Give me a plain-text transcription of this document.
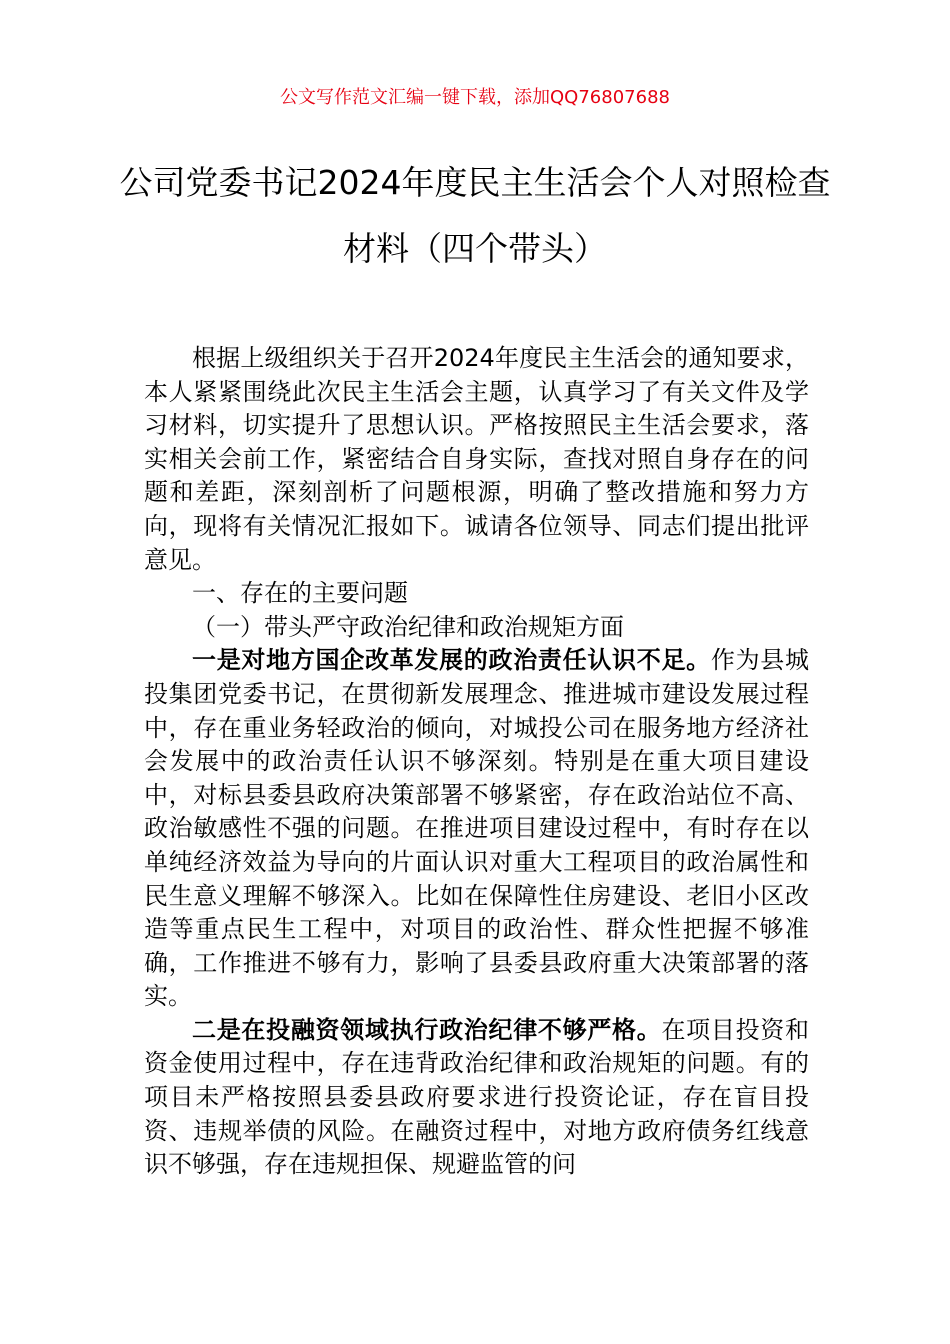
公文写作范文汇编一键下载，添加QQ76807688
公司党委书记2024年度民主生活会个人对照检查材料（四个带头）

根据上级组织关于召开2024年度民主生活会的通知要求，本人紧紧围绕此次民主生活会主题，认真学习了有关文件及学习材料，切实提升了思想认识。严格按照民主生活会要求，落实相关会前工作，紧密结合自身实际，查找对照自身存在的问题和差距，深刻剖析了问题根源，明确了整改措施和努力方向，现将有关情况汇报如下。诚请各位领导、同志们提出批评意见。

一、存在的主要问题

（一）带头严守政治纪律和政治规矩方面

一是对地方国企改革发展的政治责任认识不足。作为县城投集团党委书记，在贯彻新发展理念、推进城市建设发展过程中，存在重业务轻政治的倾向，对城投公司在服务地方经济社会发展中的政治责任认识不够深刻。特别是在重大项目建设中，对标县委县政府决策部署不够紧密，存在政治站位不高、政治敏感性不强的问题。在推进项目建设过程中，有时存在以单纯经济效益为导向的片面认识对重大工程项目的政治属性和民生意义理解不够深入。比如在保障性住房建设、老旧小区改造等重点民生工程中，对项目的政治性、群众性把握不够准确，工作推进不够有力，影响了县委县政府重大决策部署的落实。

二是在投融资领域执行政治纪律不够严格。在项目投资和资金使用过程中，存在违背政治纪律和政治规矩的问题。有的项目未严格按照县委县政府要求进行投资论证，存在盲目投资、违规举债的风险。在融资过程中，对地方政府债务红线意识不够强，存在违规担保、规避监管的问
